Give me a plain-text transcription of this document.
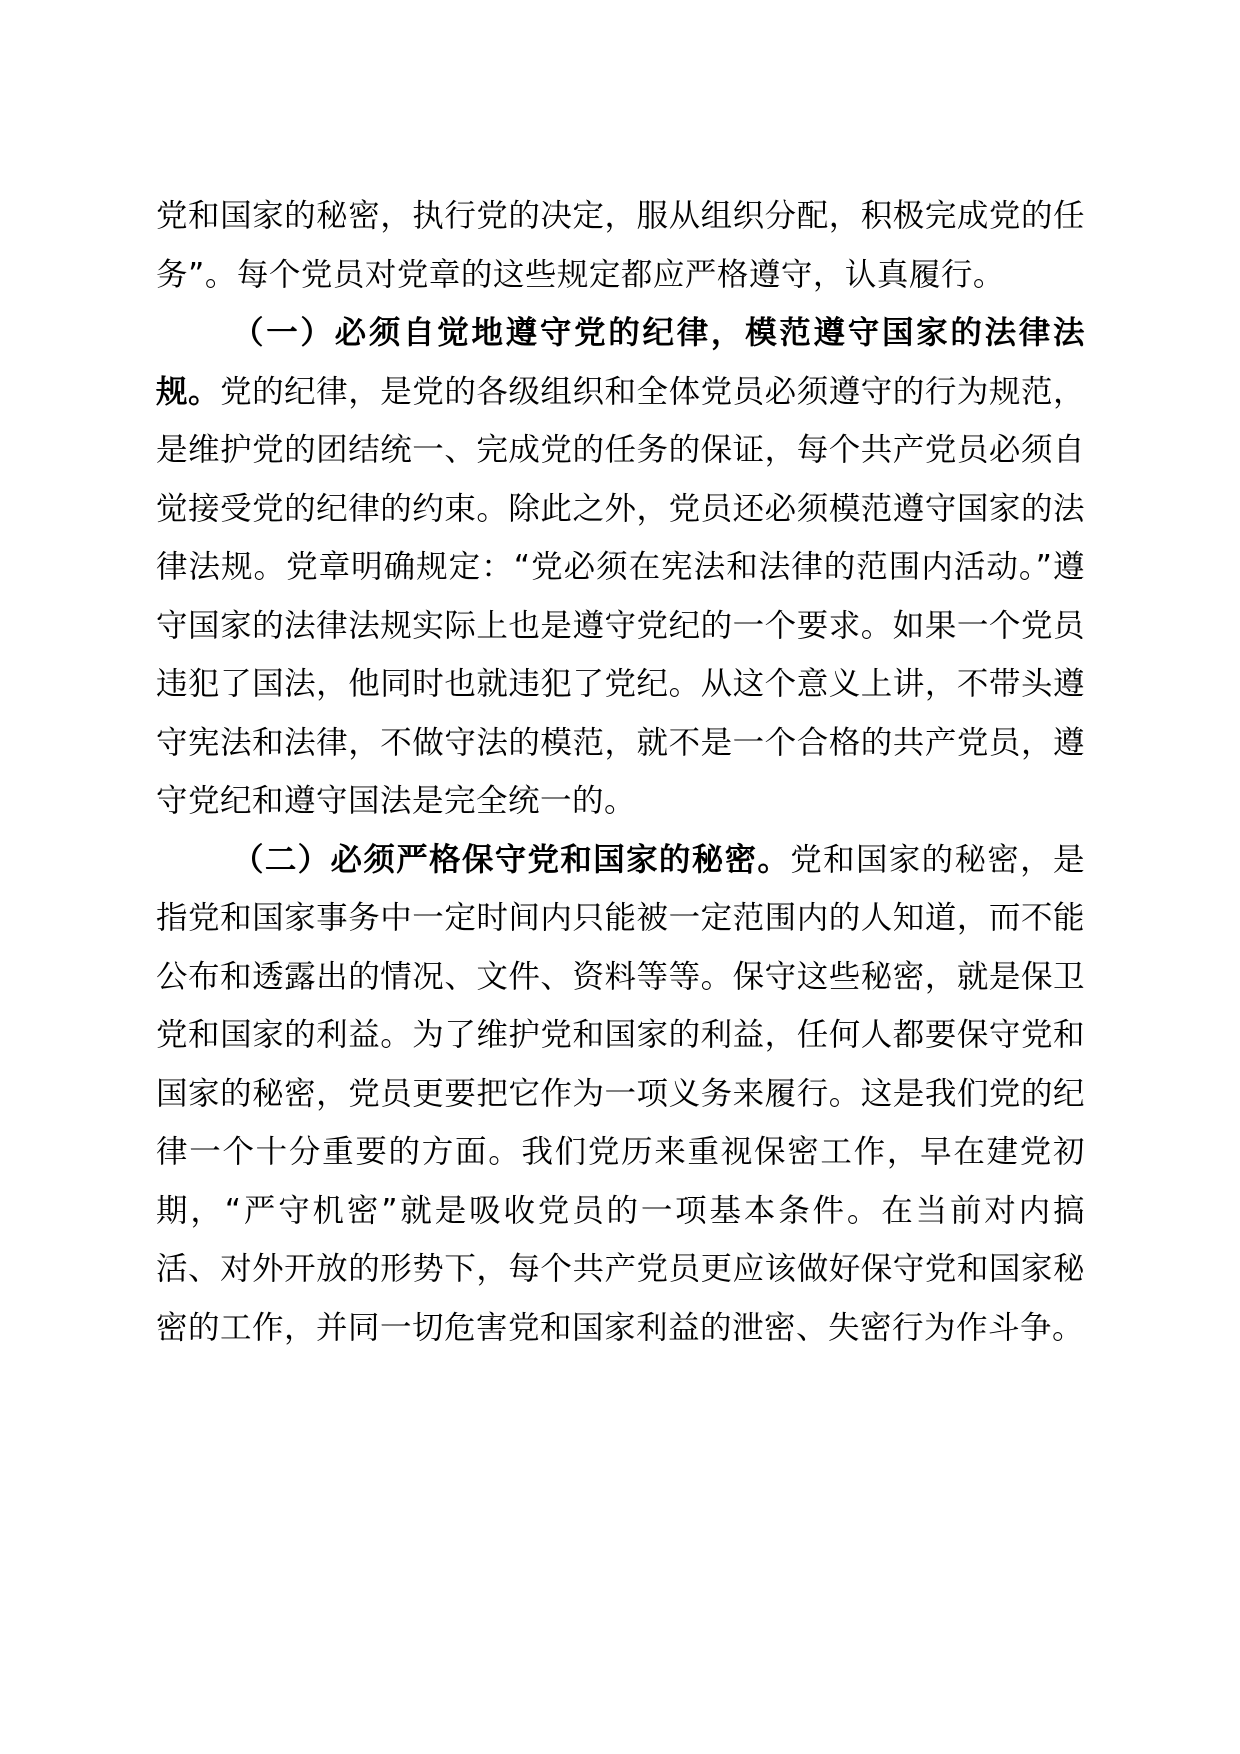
党和国家的秘密，执行党的决定，服从组织分配，积极完成党的任务”。每个党员对党章的这些规定都应严格遵守，认真履行。

（一）必须自觉地遵守党的纪律，模范遵守国家的法律法规。党的纪律，是党的各级组织和全体党员必须遵守的行为规范，是维护党的团结统一、完成党的任务的保证，每个共产党员必须自觉接受党的纪律的约束。除此之外，党员还必须模范遵守国家的法律法规。党章明确规定：“党必须在宪法和法律的范围内活动。”遵守国家的法律法规实际上也是遵守党纪的一个要求。如果一个党员违犯了国法，他同时也就违犯了党纪。从这个意义上讲，不带头遵守宪法和法律，不做守法的模范，就不是一个合格的共产党员，遵守党纪和遵守国法是完全统一的。

（二）必须严格保守党和国家的秘密。党和国家的秘密，是指党和国家事务中一定时间内只能被一定范围内的人知道，而不能公布和透露出的情况、文件、资料等等。保守这些秘密，就是保卫党和国家的利益。为了维护党和国家的利益，任何人都要保守党和国家的秘密，党员更要把它作为一项义务来履行。这是我们党的纪律一个十分重要的方面。我们党历来重视保密工作，早在建党初期，“严守机密”就是吸收党员的一项基本条件。在当前对内搞活、对外开放的形势下，每个共产党员更应该做好保守党和国家秘密的工作，并同一切危害党和国家利益的泄密、失密行为作斗争。
